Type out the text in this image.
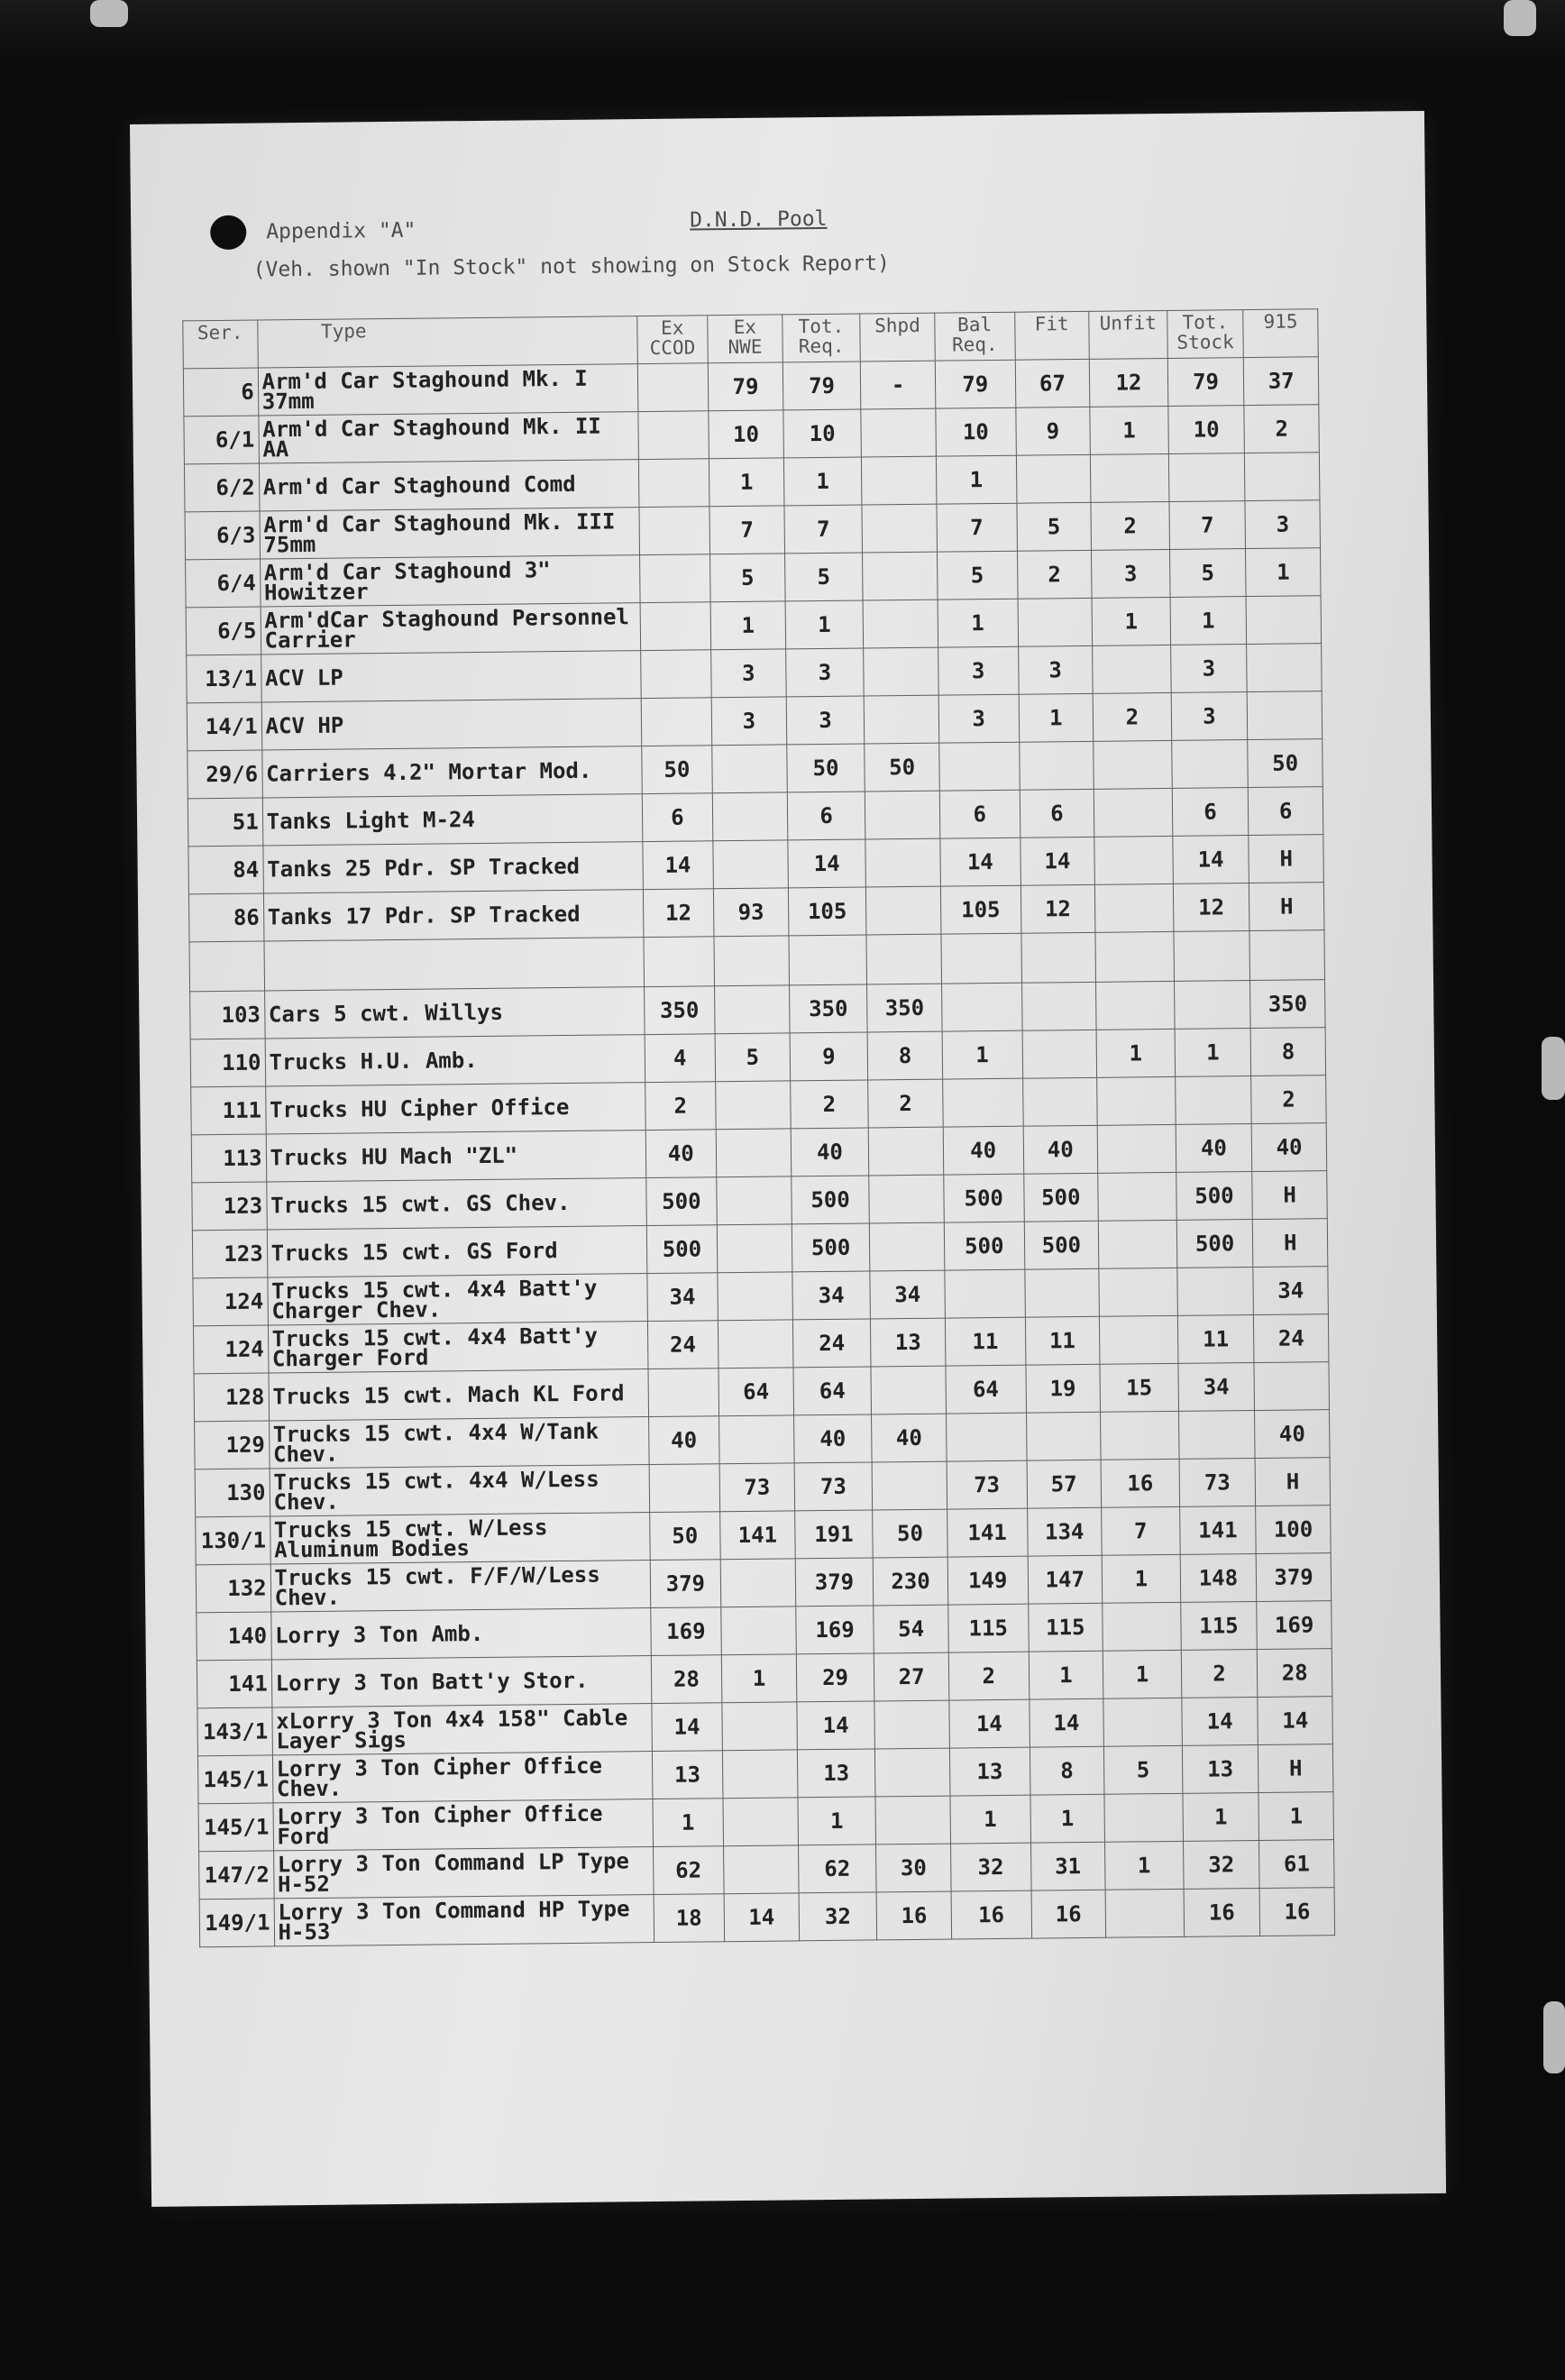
Appendix "A"	D.N.D. Pool
(Veh. shown "In Stock" not showing on Stock Report)
Ser.	Type	Ex CCOD	Ex NWE	Tot. Req.	Shpd	Bal Req.	Fit	Unfit	Tot. Stock	915
6	Arm'd Car Staghound Mk. I 37mm		79	79	-	79	67	12	79	37
6/1	Arm'd Car Staghound Mk. II AA		10	10		10	9	1	10	2
6/2	Arm'd Car Staghound Comd		1	1		1				
6/3	Arm'd Car Staghound Mk. III 75mm		7	7		7	5	2	7	3
6/4	Arm'd Car Staghound 3" Howitzer		5	5		5	2	3	5	1
6/5	Arm'dCar Staghound Personnel Carrier		1	1		1		1	1	
13/1	ACV LP		3	3		3	3		3	
14/1	ACV HP		3	3		3	1	2	3	
29/6	Carriers 4.2" Mortar Mod.	50		50	50					50
51	Tanks Light M-24	6		6		6	6		6	6
84	Tanks 25 Pdr. SP Tracked	14		14		14	14		14	H
86	Tanks 17 Pdr. SP Tracked	12	93	105		105	12		12	H

103	Cars 5 cwt. Willys	350		350	350					350
110	Trucks H.U. Amb.	4	5	9	8	1		1	1	8
111	Trucks HU Cipher Office	2		2	2					2
113	Trucks HU Mach "ZL"	40		40		40	40		40	40
123	Trucks 15 cwt. GS Chev.	500		500		500	500		500	H
123	Trucks 15 cwt. GS Ford	500		500		500	500		500	H
124	Trucks 15 cwt. 4x4 Batt'y Charger Chev.	34		34	34					34
124	Trucks 15 cwt. 4x4 Batt'y Charger Ford	24		24	13	11	11		11	24
128	Trucks 15 cwt. Mach KL Ford		64	64		64	19	15	34	
129	Trucks 15 cwt. 4x4 W/Tank Chev.	40		40	40					40
130	Trucks 15 cwt. 4x4 W/Less Chev.		73	73		73	57	16	73	H
130/1	Trucks 15 cwt. W/Less Aluminum Bodies	50	141	191	50	141	134	7	141	100
132	Trucks 15 cwt. F/F/W/Less Chev.	379		379	230	149	147	1	148	379
140	Lorry 3 Ton Amb.	169		169	54	115	115		115	169
141	Lorry 3 Ton Batt'y Stor.	28	1	29	27	2	1	1	2	28
143/1	xLorry 3 Ton 4x4 158" Cable Layer Sigs	14		14		14	14		14	14
145/1	Lorry 3 Ton Cipher Office Chev.	13		13		13	8	5	13	H
145/1	Lorry 3 Ton Cipher Office Ford	1		1		1	1		1	1
147/2	Lorry 3 Ton Command LP Type H-52	62		62	30	32	31	1	32	61
149/1	Lorry 3 Ton Command HP Type H-53	18	14	32	16	16	16		16	16
